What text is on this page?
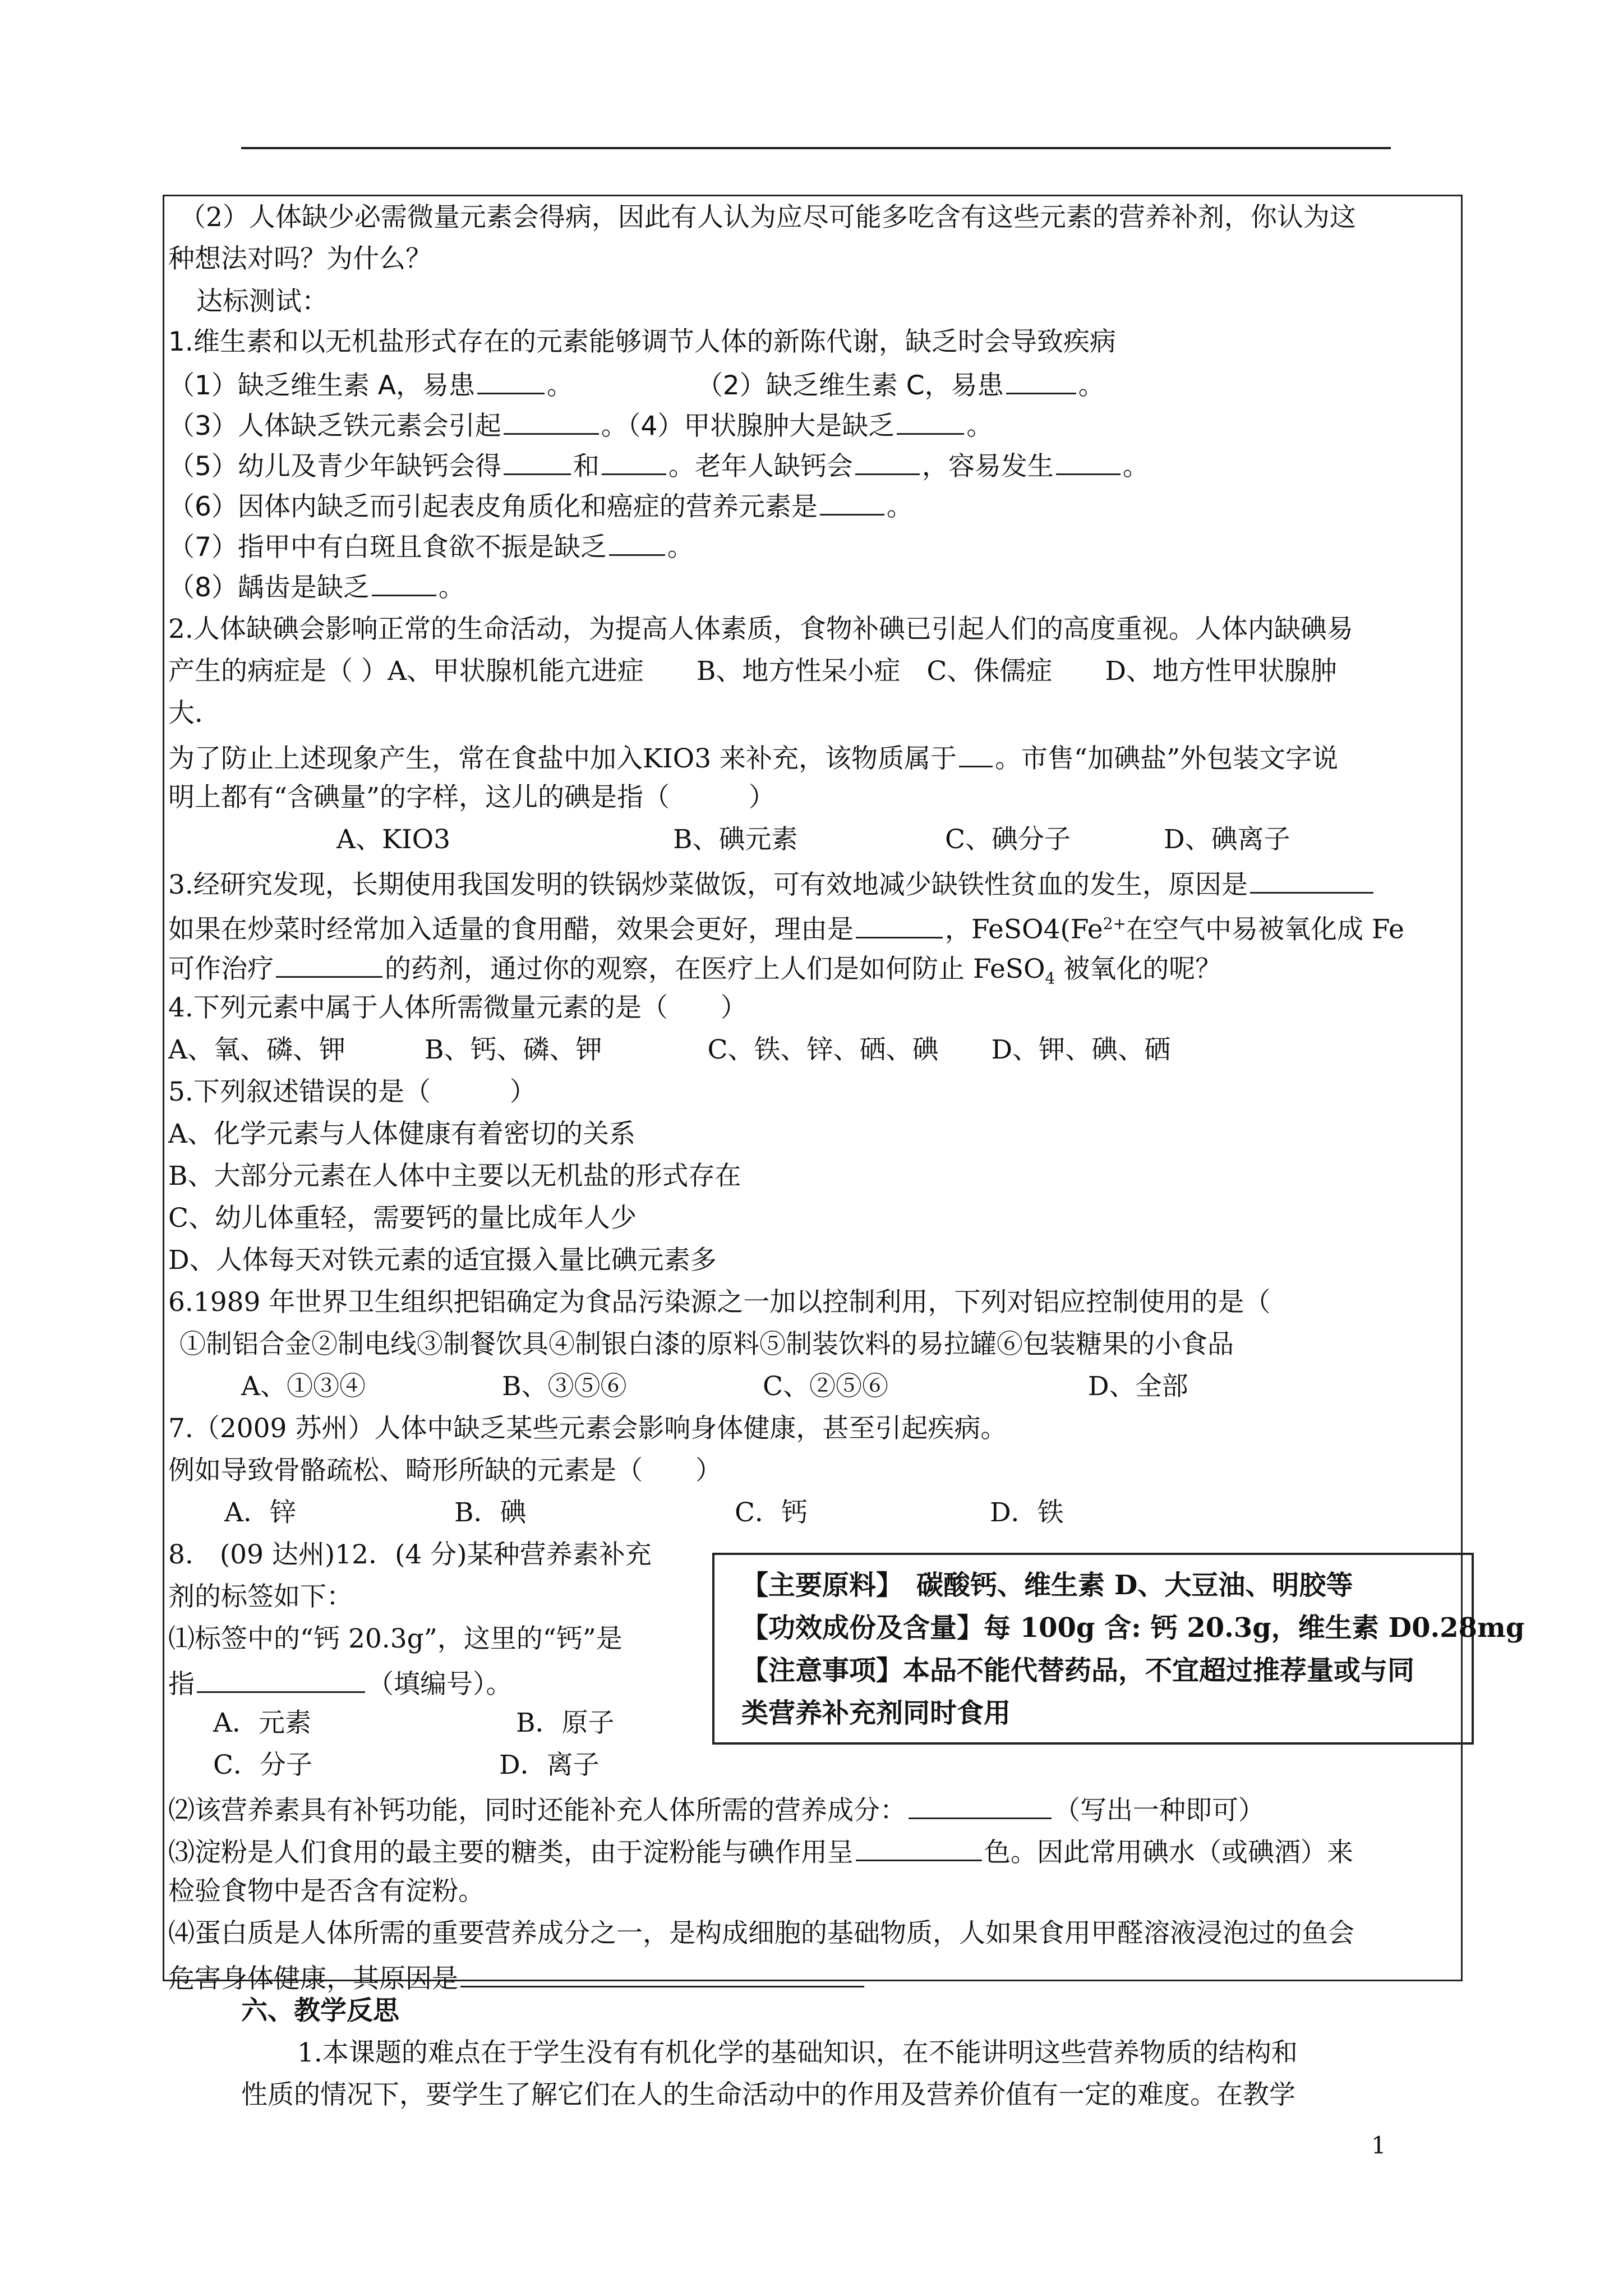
（2）人体缺少必需微量元素会得病，因此有人认为应尽可能多吃含有这些元素的营养补剂，你认为这
种想法对吗？为什么？
达标测试：
1.维生素和以无机盐形式存在的元素能够调节人体的新陈代谢，缺乏时会导致疾病
（1）缺乏维生素 A，易患	。	（2）缺乏维生素 C，易患	。
（3）人体缺乏铁元素会引起	。（4）甲状腺肿大是缺乏	。
（5）幼儿及青少年缺钙会得	和	。老年人缺钙会	，容易发生	。
（6）因体内缺乏而引起表皮角质化和癌症的营养元素是	。
（7）指甲中有白斑且食欲不振是缺乏 。
（8）龋齿是缺乏	。
2.人体缺碘会影响正常的生命活动，为提高人体素质，食物补碘已引起人们的高度重视。人体内缺碘易
产生的病症是（ ）A、甲状腺机能亢进症　　B、地方性呆小症　C、侏儒症　　D、地方性甲状腺肿
大．
为了防止上述现象产生，常在食盐中加入KIO3 来补充，该物质属于 。市售“加碘盐”外包装文字说
明上都有“含碘量”的字样，这儿的碘是指（　　　）
A、KIO3	B、碘元素	C、碘分子	D、碘离子
3.经研究发现，长期使用我国发明的铁锅炒菜做饭，可有效地减少缺铁性贫血的发生，原因是
如果在炒菜时经常加入适量的食用醋，效果会更好，理由是	，$FeSO4(Fe^{2+}$在空气中易被氧化成 Fe
可作治疗	的药剂，通过你的观察，在医疗上人们是如何防止 FeSO$_4$ 被氧化的呢？
4.下列元素中属于人体所需微量元素的是（　　）
A、氧、磷、钾　　　B、钙、磷、钾　　　　C、铁、锌、硒、碘　　D、钾、碘、硒
5.下列叙述错误的是（　　　）
A、化学元素与人体健康有着密切的关系
B、大部分元素在人体中主要以无机盐的形式存在
C、幼儿体重轻，需要钙的量比成年人少
D、人体每天对铁元素的适宜摄入量比碘元素多
6.1989 年世界卫生组织把铝确定为食品污染源之一加以控制利用，下列对铝应控制使用的是（
①制铝合金②制电线③制餐饮具④制银白漆的原料⑤制装饮料的易拉罐⑥包装糖果的小食品
A、①③④	B、③⑤⑥	C、②⑤⑥	D、全部
7.（2009 苏州）人体中缺乏某些元素会影响身体健康，甚至引起疾病。
例如导致骨骼疏松、畸形所缺的元素是（　　）
A．锌	B．碘	C．钙	D．铁
8.　(09 达州)12．(4 分)某种营养素补充
剂的标签如下：
⑴标签中的“钙 20.3g”，这里的“钙”是
指	（填编号）。
A．元素	B．原子
C．分子	D．离子
⑵该营养素具有补钙功能，同时还能补充人体所需的营养成分：	（写出一种即可）
⑶淀粉是人们食用的最主要的糖类，由于淀粉能与碘作用呈	色。因此常用碘水（或碘酒）来
检验食物中是否含有淀粉。
⑷蛋白质是人体所需的重要营养成分之一，是构成细胞的基础物质，人如果食用甲醛溶液浸泡过的鱼会
危害身体健康，其原因是
六、教学反思
1.本课题的难点在于学生没有有机化学的基础知识，在不能讲明这些营养物质的结构和
性质的情况下，要学生了解它们在人的生命活动中的作用及营养价值有一定的难度。在教学
【主要原料】　碳酸钙、维生素 D、大豆油、明胶等
【功效成份及含量】每 100g 含: 钙 20.3g，维生素 D0.28mg
【注意事项】本品不能代替药品，不宜超过推荐量或与同
类营养补充剂同时食用
1
